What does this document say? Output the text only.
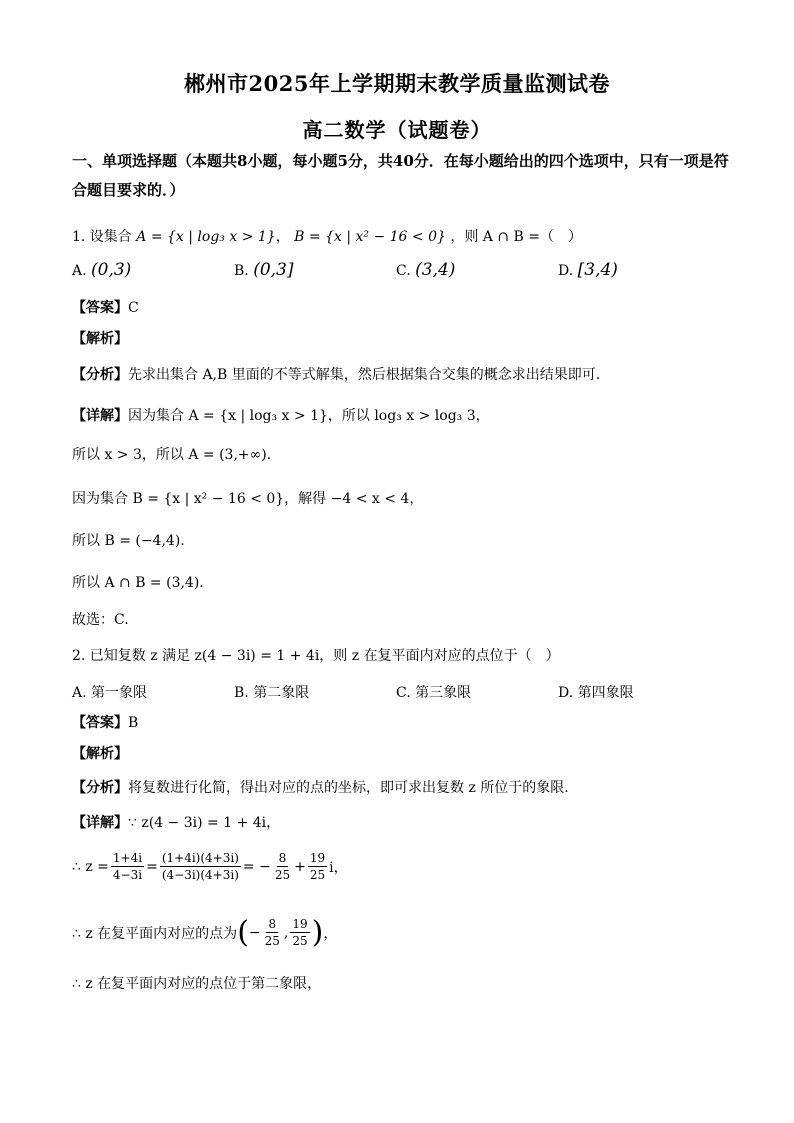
郴州市2025年上学期期末教学质量监测试卷
高二数学（试题卷）
一、单项选择题（本题共8小题，每小题5分，共40分．在每小题给出的四个选项中，只有一项是符合题目要求的．）
1. 设集合 A = {x | log₃ x > 1}， B = {x | x² − 16 < 0} ，则 A ∩ B =（　）
A. (0,3)	B. (0,3]	C. (3,4)	D. [3,4)
【答案】C
【解析】
【分析】先求出集合 A,B 里面的不等式解集，然后根据集合交集的概念求出结果即可.
【详解】因为集合 A = {x | log₃ x > 1}，所以 log₃ x > log₃ 3，
所以 x > 3，所以 A = (3,+∞).
因为集合 B = {x | x² − 16 < 0}，解得 −4 < x < 4，
所以 B = (−4,4).
所以 A ∩ B = (3,4).
故选：C.
2. 已知复数 z 满足 z(4 − 3i) = 1 + 4i，则 z 在复平面内对应的点位于（　）
A. 第一象限	B. 第二象限	C. 第三象限	D. 第四象限
【答案】B
【解析】
【分析】将复数进行化简，得出对应的点的坐标，即可求出复数 z 所位于的象限.
【详解】∵ z(4 − 3i) = 1 + 4i，
∴ $z = \frac{1+4i}{4-3i} = \frac{(1+4i)(4+3i)}{(4-3i)(4+3i)}$ = − $\frac{8}{25} + \frac{19}{25}$ i，
∴ z 在复平面内对应的点为 ( − $\frac{8}{25}$ , $\frac{19}{25}$ ) ，
∴ z 在复平面内对应的点位于第二象限，
